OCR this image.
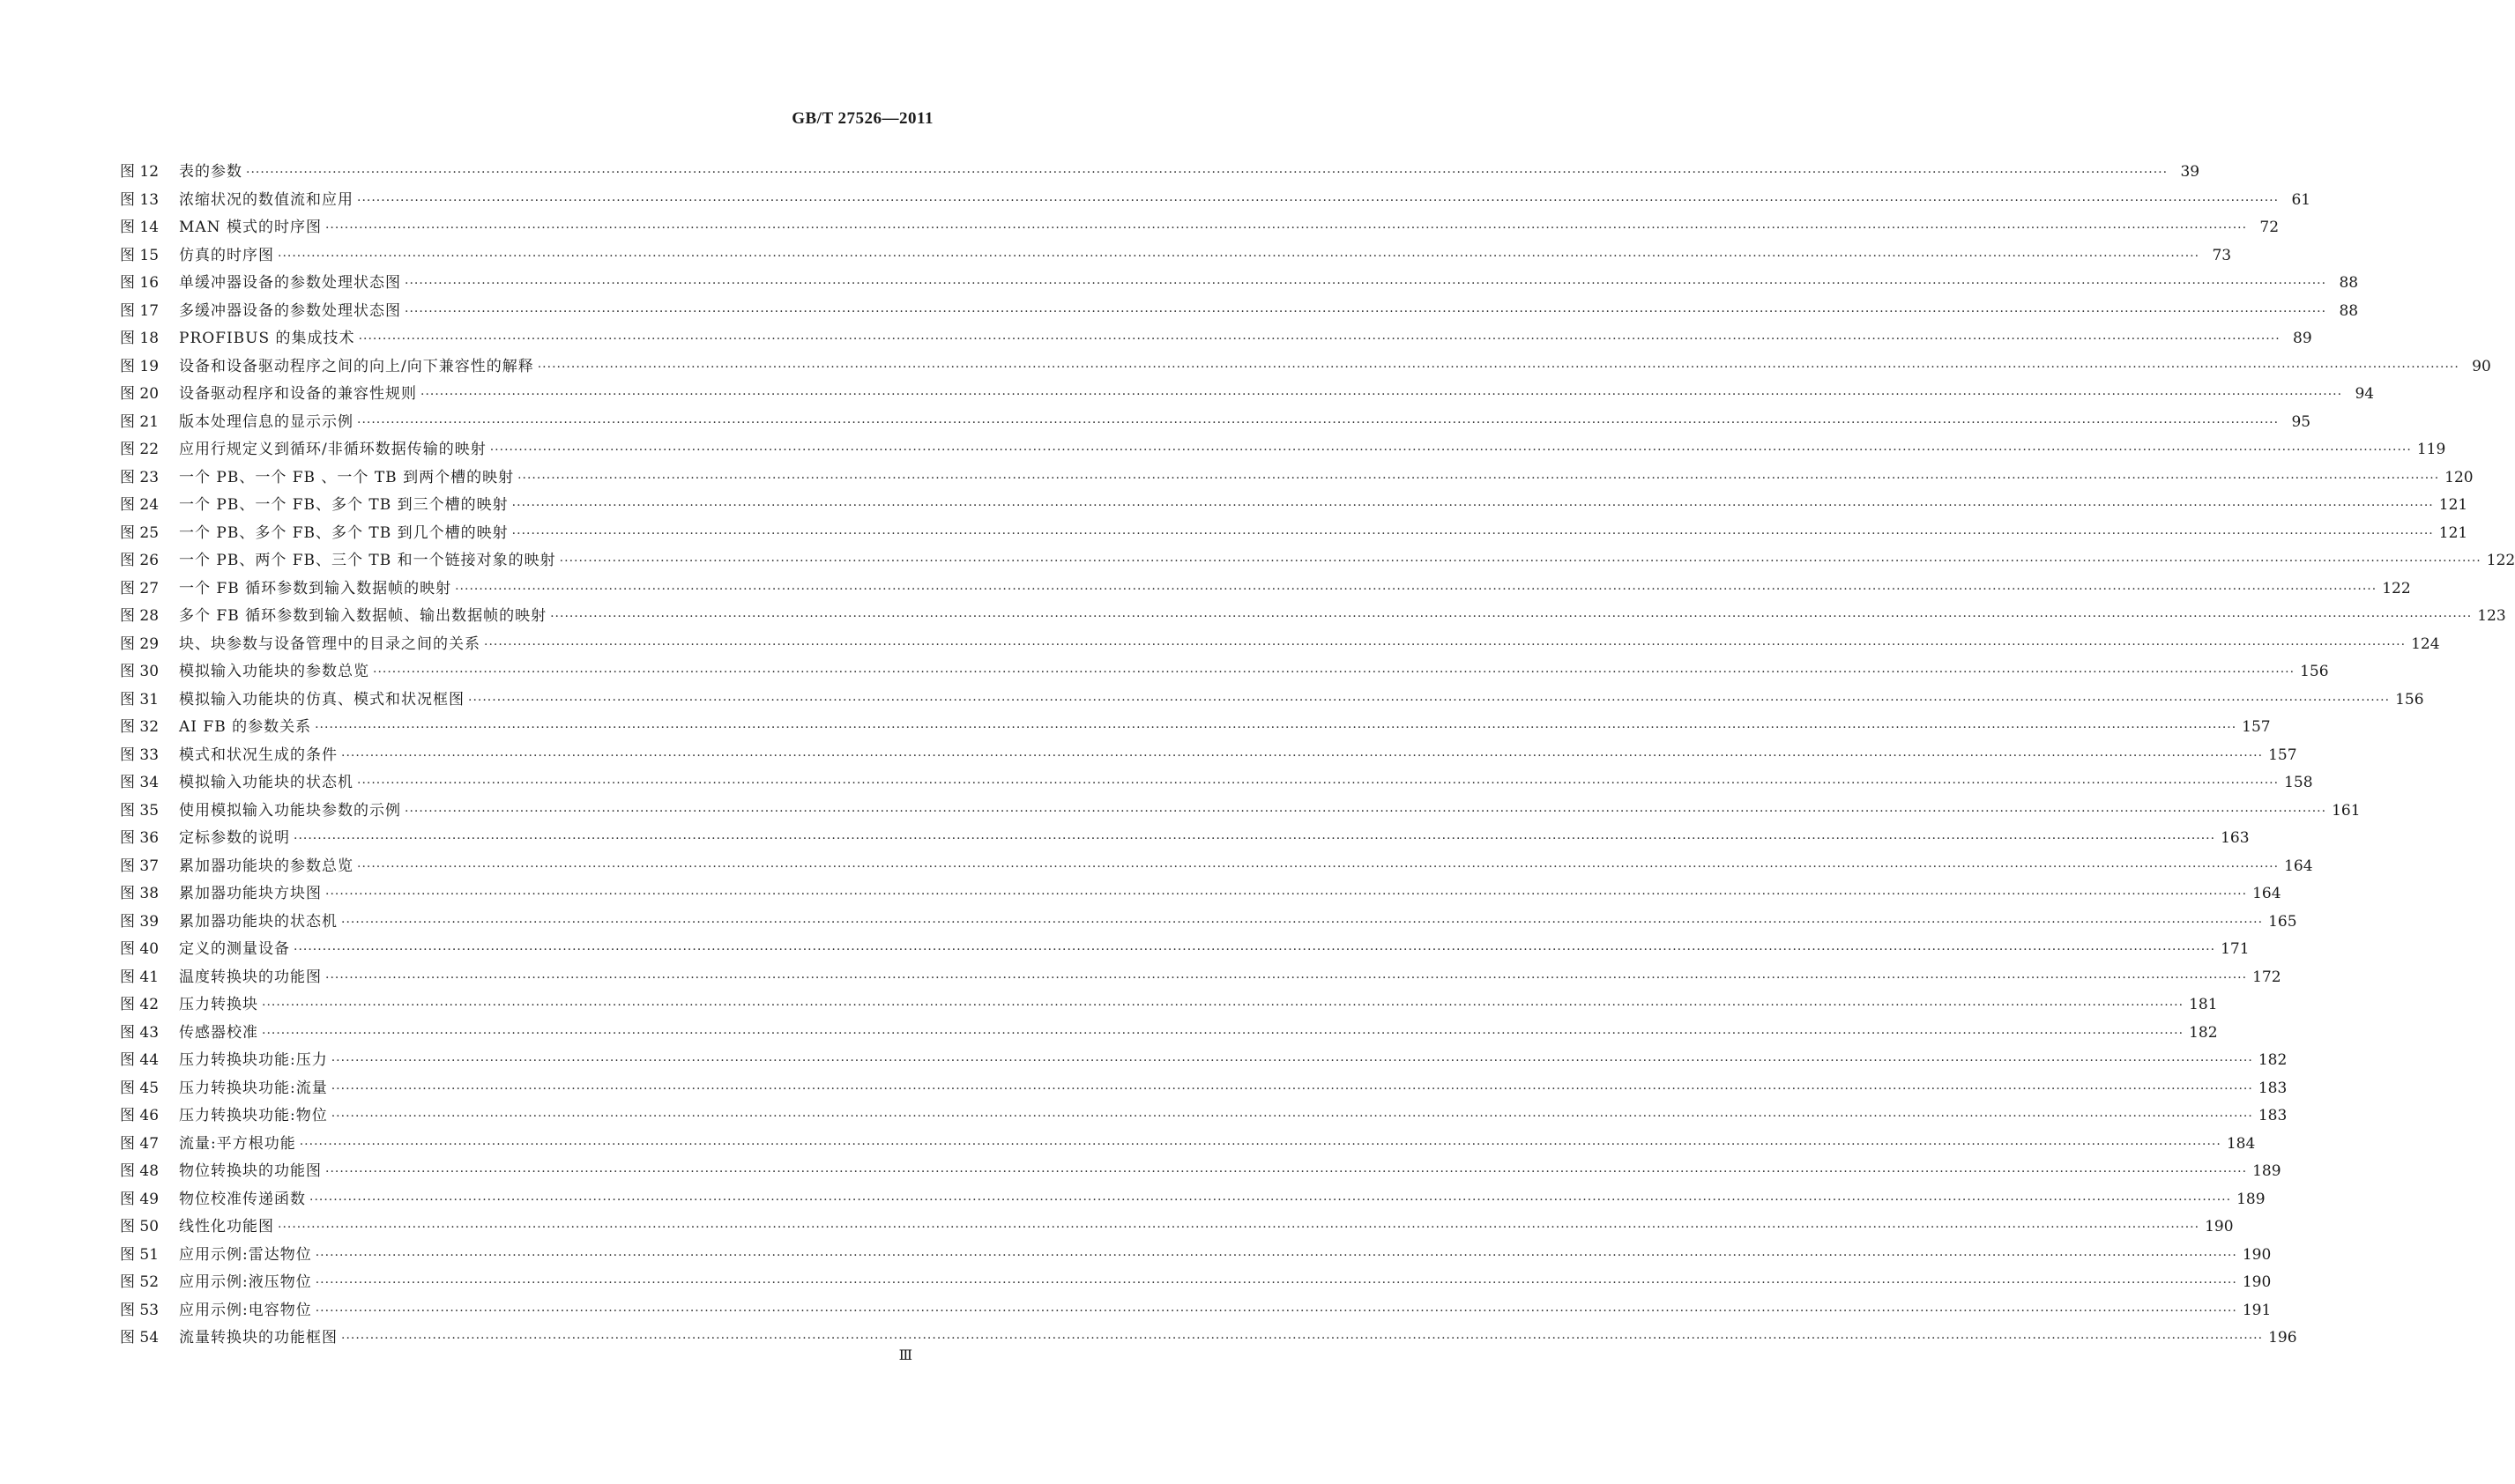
GB/T 27526—2011
图 12	表的参数 ················································································································································································································································································································································································································ 39
图 13	浓缩状况的数值流和应用 ················································································································································································································································································································································································································ 61
图 14	MAN 模式的时序图 ················································································································································································································································································································································································································ 72
图 15	仿真的时序图 ················································································································································································································································································································································································································ 73
图 16	单缓冲器设备的参数处理状态图 ················································································································································································································································································································································································································ 88
图 17	多缓冲器设备的参数处理状态图 ················································································································································································································································································································································································································ 88
图 18	PROFIBUS 的集成技术 ················································································································································································································································································································································································································ 89
图 19	设备和设备驱动程序之间的向上/向下兼容性的解释 ················································································································································································································································································································································································································ 90
图 20	设备驱动程序和设备的兼容性规则 ················································································································································································································································································································································································································ 94
图 21	版本处理信息的显示示例 ················································································································································································································································································································································································································ 95
图 22	应用行规定义到循环/非循环数据传输的映射 ················································································································································································································································································································································································································ 119
图 23	一个 PB、一个 FB 、一个 TB 到两个槽的映射 ················································································································································································································································································································································································································ 120
图 24	一个 PB、一个 FB、多个 TB 到三个槽的映射 ················································································································································································································································································································································································································ 121
图 25	一个 PB、多个 FB、多个 TB 到几个槽的映射 ················································································································································································································································································································································································································ 121
图 26	一个 PB、两个 FB、三个 TB 和一个链接对象的映射 ················································································································································································································································································································································································································ 122
图 27	一个 FB 循环参数到输入数据帧的映射 ················································································································································································································································································································································································································ 122
图 28	多个 FB 循环参数到输入数据帧、输出数据帧的映射 ················································································································································································································································································································································································································ 123
图 29	块、块参数与设备管理中的目录之间的关系 ················································································································································································································································································································································································································ 124
图 30	模拟输入功能块的参数总览 ················································································································································································································································································································································································································ 156
图 31	模拟输入功能块的仿真、模式和状况框图 ················································································································································································································································································································································································································ 156
图 32	AI FB 的参数关系 ················································································································································································································································································································································································································ 157
图 33	模式和状况生成的条件 ················································································································································································································································································································································································································ 157
图 34	模拟输入功能块的状态机 ················································································································································································································································································································································································································ 158
图 35	使用模拟输入功能块参数的示例 ················································································································································································································································································································································································································ 161
图 36	定标参数的说明 ················································································································································································································································································································································································································ 163
图 37	累加器功能块的参数总览 ················································································································································································································································································································································································································ 164
图 38	累加器功能块方块图 ················································································································································································································································································································································································································ 164
图 39	累加器功能块的状态机 ················································································································································································································································································································································································································ 165
图 40	定义的测量设备 ················································································································································································································································································································································································································ 171
图 41	温度转换块的功能图 ················································································································································································································································································································································································································ 172
图 42	压力转换块 ················································································································································································································································································································································································································ 181
图 43	传感器校准 ················································································································································································································································································································································································································ 182
图 44	压力转换块功能:压力 ················································································································································································································································································································································································································ 182
图 45	压力转换块功能:流量 ················································································································································································································································································································································································································ 183
图 46	压力转换块功能:物位 ················································································································································································································································································································································································································ 183
图 47	流量:平方根功能 ················································································································································································································································································································································································································ 184
图 48	物位转换块的功能图 ················································································································································································································································································································································································································ 189
图 49	物位校准传递函数 ················································································································································································································································································································································································································ 189
图 50	线性化功能图 ················································································································································································································································································································································································································ 190
图 51	应用示例:雷达物位 ················································································································································································································································································································································································································ 190
图 52	应用示例:液压物位 ················································································································································································································································································································································································································ 190
图 53	应用示例:电容物位 ················································································································································································································································································································································································································ 191
图 54	流量转换块的功能框图 ················································································································································································································································································································································································································ 196
Ⅲ
